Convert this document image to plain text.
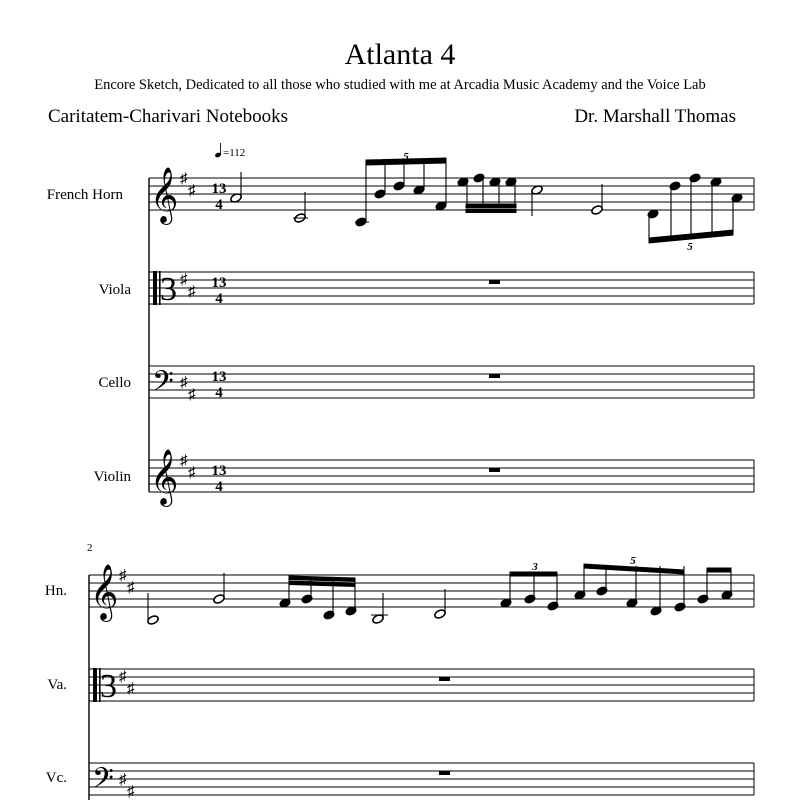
Atlanta 4
Encore Sketch, Dedicated to all those who studied with me at Arcadia Music Academy and the Voice Lab
Caritatem-Charivari Notebooks	Dr. Marshall Thomas
French Horn
Viola
Cello
Violin
Hn.
Va.
Vc.
𝄞
3
𝄢
𝄞
♯
♯
♯
♯
♯
♯
♯
♯
13
4
13
4
13
4
13
4
=112	5
5
2
𝄞
3
𝄢
♯
♯
♯
♯
♯
♯
3	5
